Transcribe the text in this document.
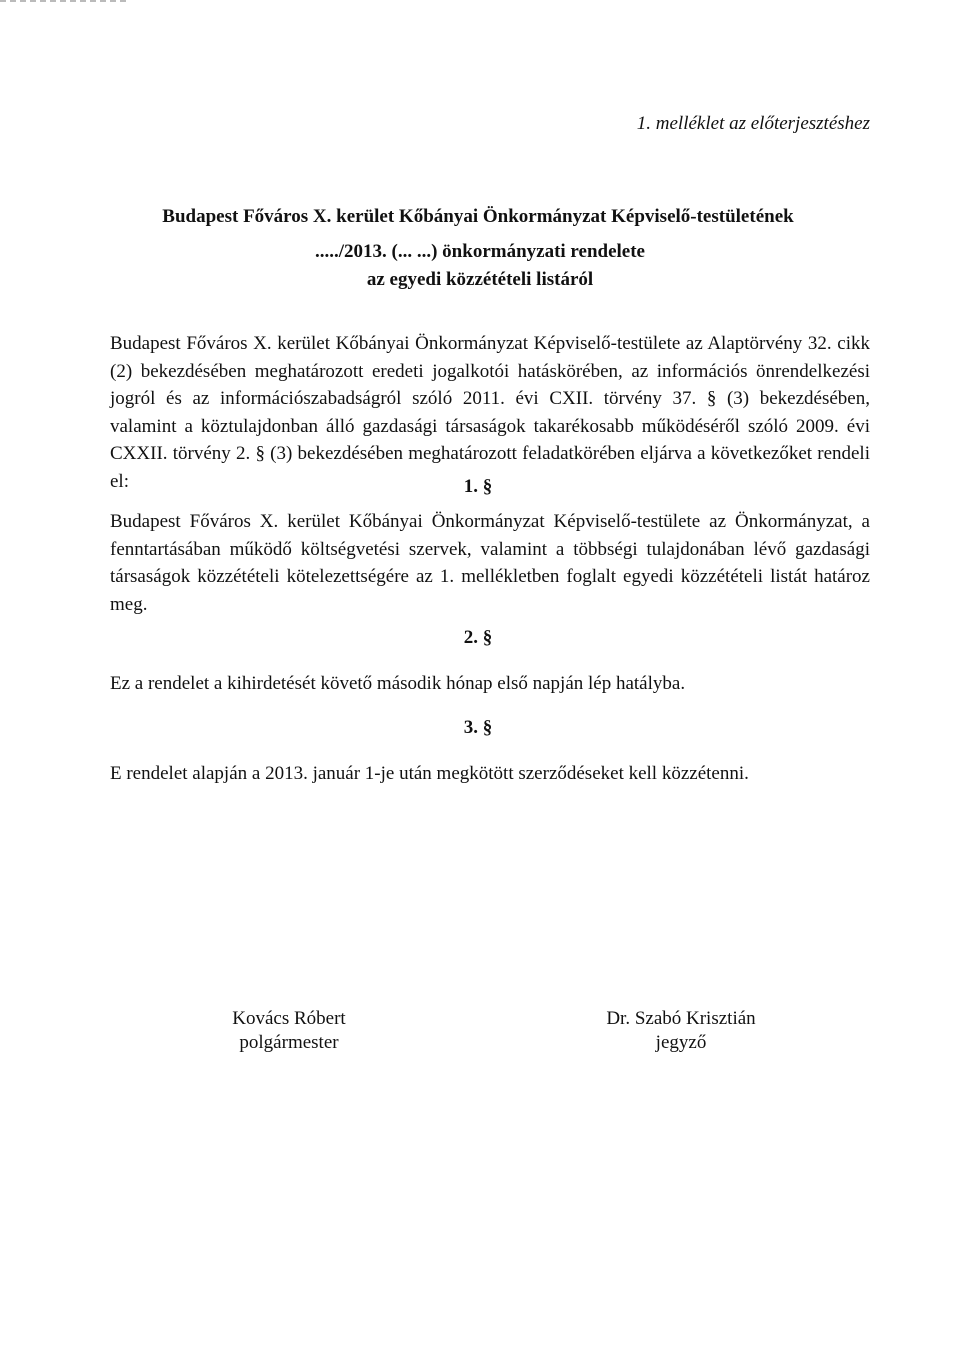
1. melléklet az előterjesztéshez
Budapest Főváros X. kerület Kőbányai Önkormányzat Képviselő-testületének
...../2013. (... ...) önkormányzati rendelete
az egyedi közzétételi listáról

Budapest Főváros X. kerület Kőbányai Önkormányzat Képviselő-testülete az Alaptörvény 32. cikk (2) bekezdésében meghatározott eredeti jogalkotói hatáskörében, az információs önrendelkezési jogról és az információszabadságról szóló 2011. évi CXII. törvény 37. § (3) bekezdésében, valamint a köztulajdonban álló gazdasági társaságok takarékosabb működéséről szóló 2009. évi CXXII. törvény 2. § (3) bekezdésében meghatározott feladatkörében eljárva a következőket rendeli el:	1. §

Budapest Főváros X. kerület Kőbányai Önkormányzat Képviselő-testülete az Önkormányzat, a fenntartásában működő költségvetési szervek, valamint a többségi tulajdonában lévő gazdasági társaságok közzétételi kötelezettségére az 1. mellékletben foglalt egyedi közzétételi listát határoz meg.

2. §

Ez a rendelet a kihirdetését követő második hónap első napján lép hatályba.

3. §

E rendelet alapján a 2013. január 1-je után megkötött szerződéseket kell közzétenni.

Kovács Róbert
polgármester
Dr. Szabó Krisztián
jegyző
